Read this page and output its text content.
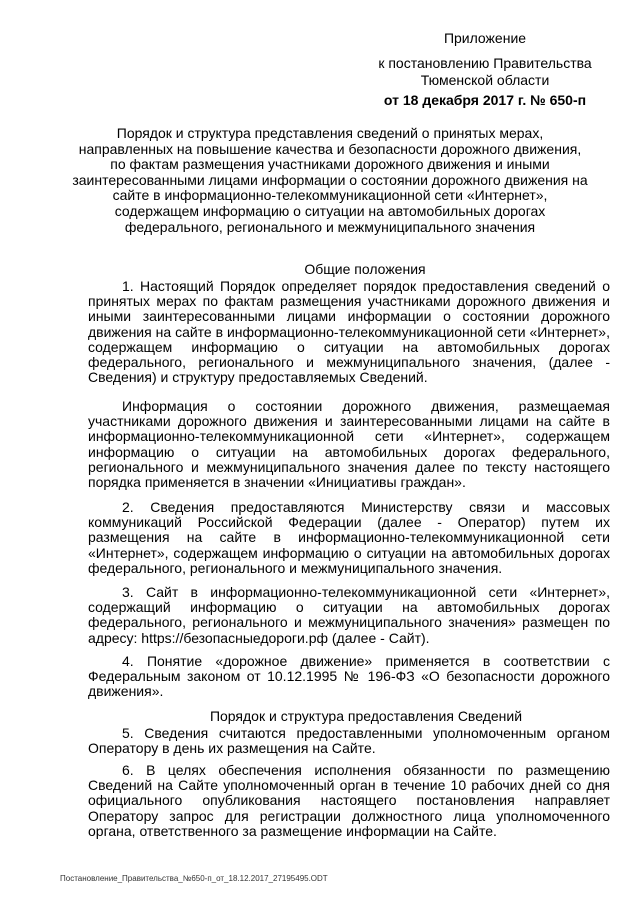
Приложение
к постановлению Правительства
Тюменской области
от 18 декабря 2017 г. № 650-п
Порядок и структура представления сведений о принятых мерах, направленных на повышение качества и безопасности дорожного движения, по фактам размещения участниками дорожного движения и иными заинтересованными лицами информации о состоянии дорожного движения на сайте в информационно-телекоммуникационной сети «Интернет», содержащем информацию о ситуации на автомобильных дорогах федерального, регионального и межмуниципального значения
Общие положения
1. Настоящий Порядок определяет порядок предоставления сведений о принятых мерах по фактам размещения участниками дорожного движения и иными заинтересованными лицами информации о состоянии дорожного движения на сайте в информационно-телекоммуникационной сети «Интернет», содержащем информацию о ситуации на автомобильных дорогах федерального, регионального и межмуниципального значения, (далее - Сведения) и структуру предоставляемых Сведений.
Информация о состоянии дорожного движения, размещаемая участниками дорожного движения и заинтересованными лицами на сайте в информационно-телекоммуникационной сети «Интернет», содержащем информацию о ситуации на автомобильных дорогах федерального, регионального и межмуниципального значения далее по тексту настоящего порядка применяется в значении «Инициативы граждан».
2. Сведения предоставляются Министерству связи и массовых коммуникаций Российской Федерации (далее - Оператор) путем их размещения на сайте в информационно-телекоммуникационной сети «Интернет», содержащем информацию о ситуации на автомобильных дорогах федерального, регионального и межмуниципального значения.
3. Сайт в информационно-телекоммуникационной сети «Интернет», содержащий информацию о ситуации на автомобильных дорогах федерального, регионального и межмуниципального значения» размещен по адресу: https://безопасныедороги.рф (далее - Сайт).
4. Понятие «дорожное движение» применяется в соответствии с Федеральным законом от 10.12.1995 № 196-ФЗ «О безопасности дорожного движения».
Порядок и структура предоставления Сведений
5. Сведения считаются предоставленными уполномоченным органом Оператору в день их размещения на Сайте.
6. В целях обеспечения исполнения обязанности по размещению Сведений на Сайте уполномоченный орган в течение 10 рабочих дней со дня официального опубликования настоящего постановления направляет Оператору запрос для регистрации должностного лица уполномоченного органа, ответственного за размещение информации на Сайте.
Постановление_Правительства_№650-п_от_18.12.2017_27195495.ODT
